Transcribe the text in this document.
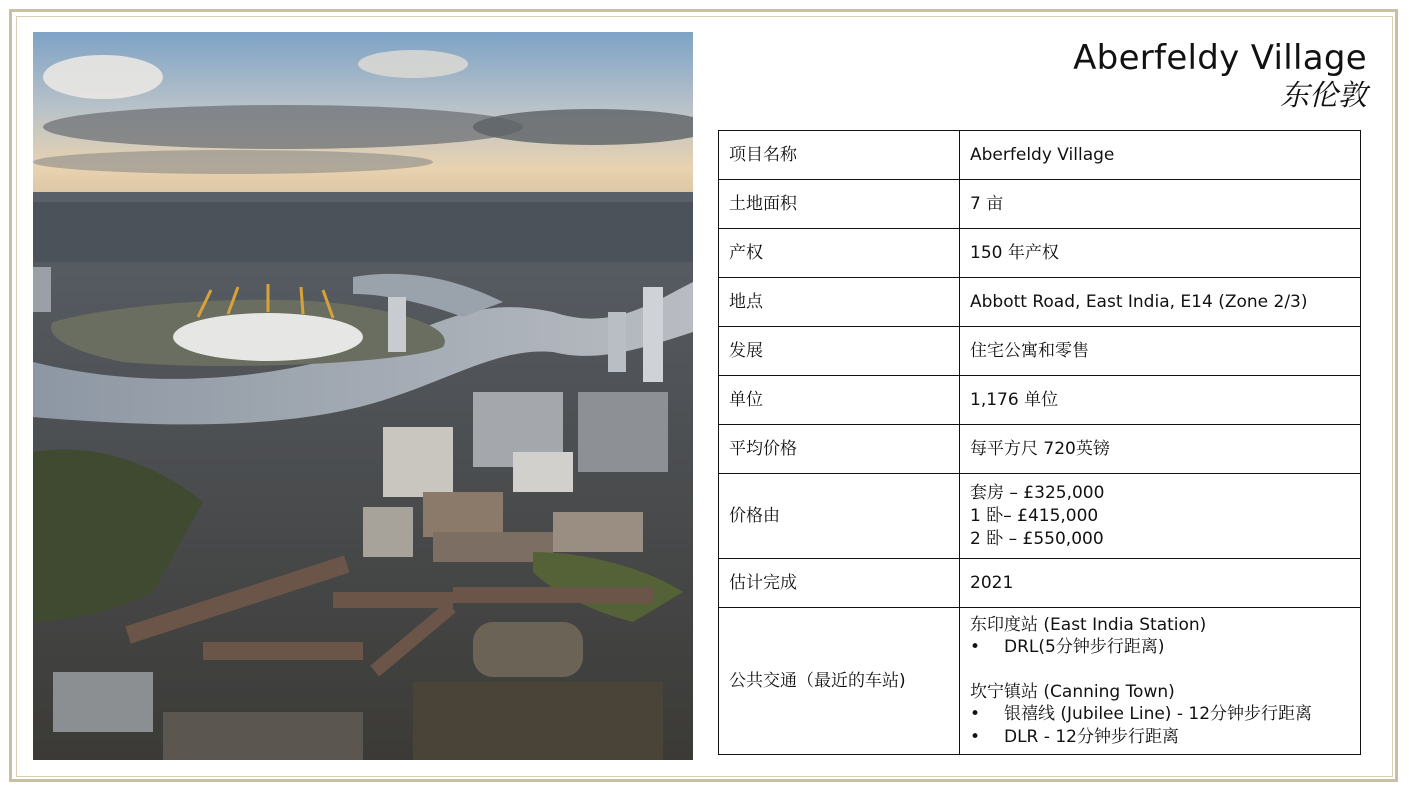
Aberfeldy Village
东伦敦
项目名称	Aberfeldy Village
土地面积	7 亩
产权	150 年产权
地点	Abbott Road, East India, E14 (Zone 2/3)
发展	住宅公寓和零售
单位	1,176 单位
平均价格	每平方尺 720英镑
价格由	套房 – £325,000
1 卧– £415,000
2 卧 – £550,000

估计完成	2021
公共交通（最近的车站)	东印度站 (East India Station)
• DRL(5分钟步行距离)
坎宁镇站 (Canning Town)
• 银禧线 (Jubilee Line) - 12分钟步行距离
• DLR - 12分钟步行距离
